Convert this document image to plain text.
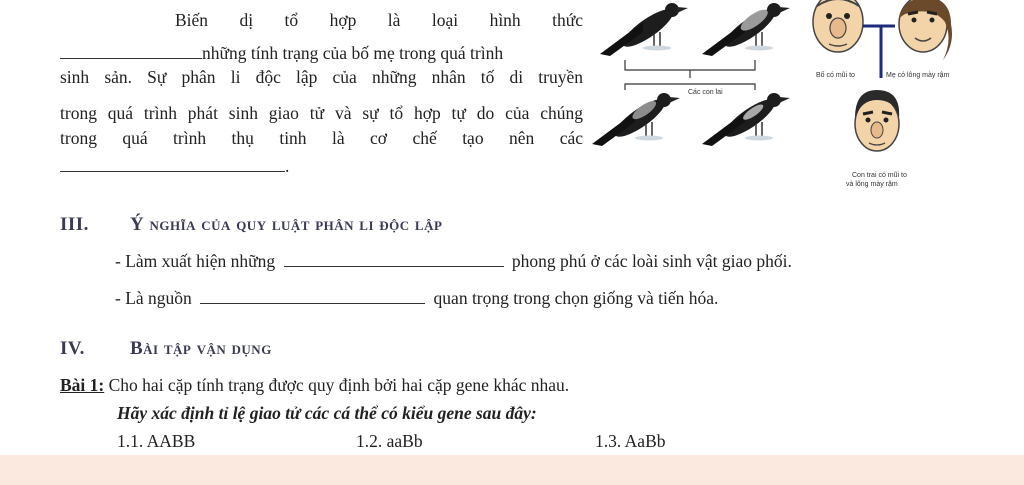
Biến dị tổ hợp là loại hình thức
những tính trạng của bố mẹ trong quá trình
sinh sản. Sự phân li độc lập của những nhân tố di truyền
trong quá trình phát sinh giao tử và sự tổ hợp tự do của chúng
trong quá trình thụ tinh là cơ chế tạo nên các
.
Các con lai
Bố có mũi to	Mẹ có lông mày rậm
Con trai có mũi to
và lông mày rậm
III. Ý nghĩa của quy luật phân li độc lập
- Làm xuất hiện những	phong phú ở các loài sinh vật giao phối.
- Là nguồn	quan trọng trong chọn giống và tiến hóa.
IV. Bài tập vận dụng
Bài 1: Cho hai cặp tính trạng được quy định bởi hai cặp gene khác nhau.
Hãy xác định tỉ lệ giao tử các cá thể có kiểu gene sau đây:
1.1. AABB	1.2. aaBb	1.3. AaBb
